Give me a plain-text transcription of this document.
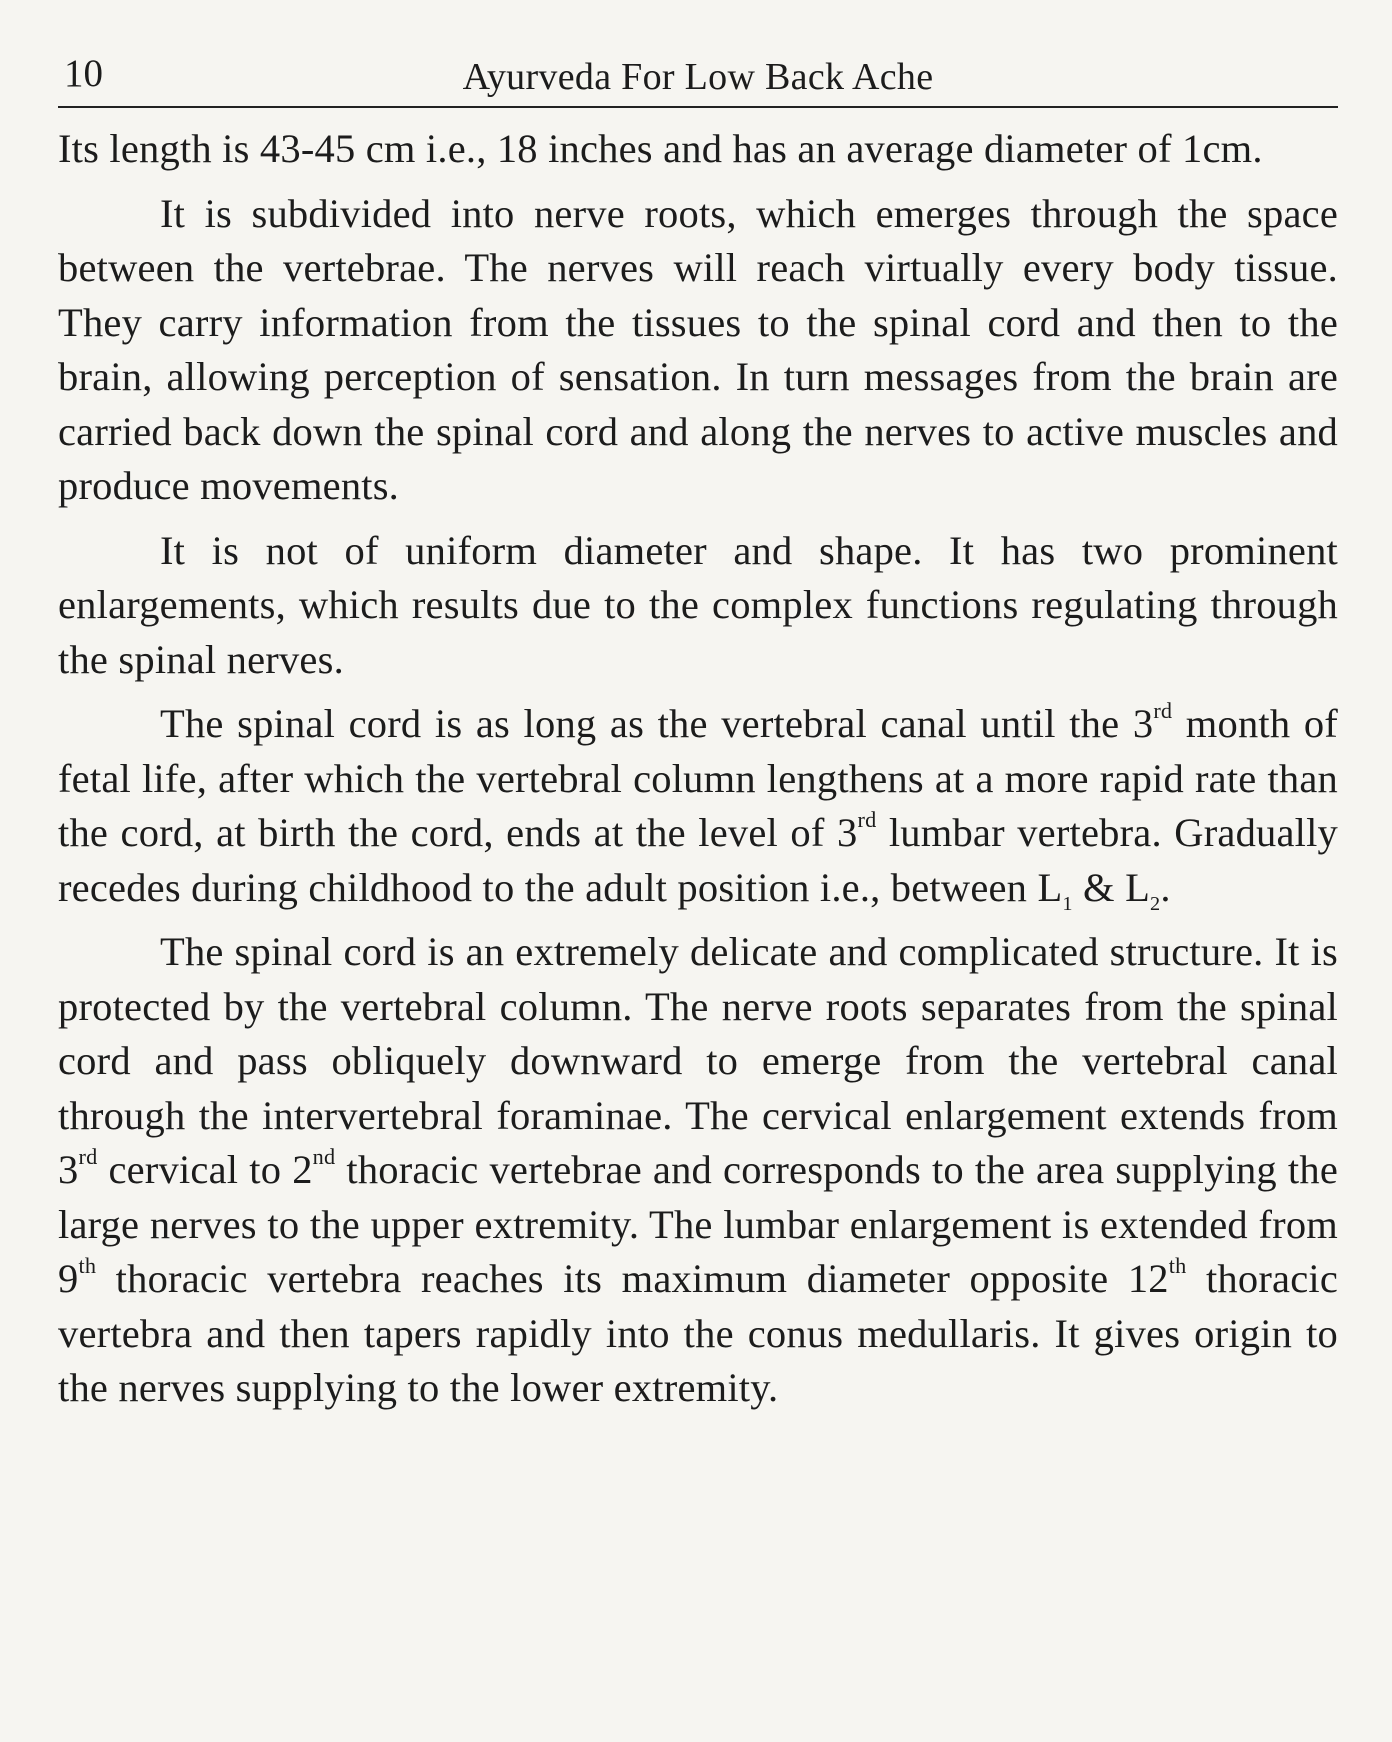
10	Ayurveda For Low Back Ache

Its length is 43-45 cm i.e., 18 inches and has an average diameter of 1cm.

It is subdivided into nerve roots, which emerges through the space between the vertebrae. The nerves will reach virtually every body tissue. They carry information from the tissues to the spinal cord and then to the brain, allowing perception of sensation. In turn messages from the brain are carried back down the spinal cord and along the nerves to active muscles and produce movements.

It is not of uniform diameter and shape. It has two prominent enlargements, which results due to the complex functions regulating through the spinal nerves.

The spinal cord is as long as the vertebral canal until the 3rd month of fetal life, after which the vertebral column lengthens at a more rapid rate than the cord, at birth the cord, ends at the level of 3rd lumbar vertebra. Gradually recedes during childhood to the adult position i.e., between $L_1$ & $L_2$.

The spinal cord is an extremely delicate and complicated structure. It is protected by the vertebral column. The nerve roots separates from the spinal cord and pass obliquely downward to emerge from the vertebral canal through the intervertebral foraminae. The cervical enlargement extends from 3rd cervical to 2nd thoracic vertebrae and corresponds to the area supplying the large nerves to the upper extremity. The lumbar enlargement is extended from 9th thoracic vertebra reaches its maximum diameter opposite 12th thoracic vertebra and then tapers rapidly into the conus medullaris. It gives origin to the nerves supplying to the lower extremity.
